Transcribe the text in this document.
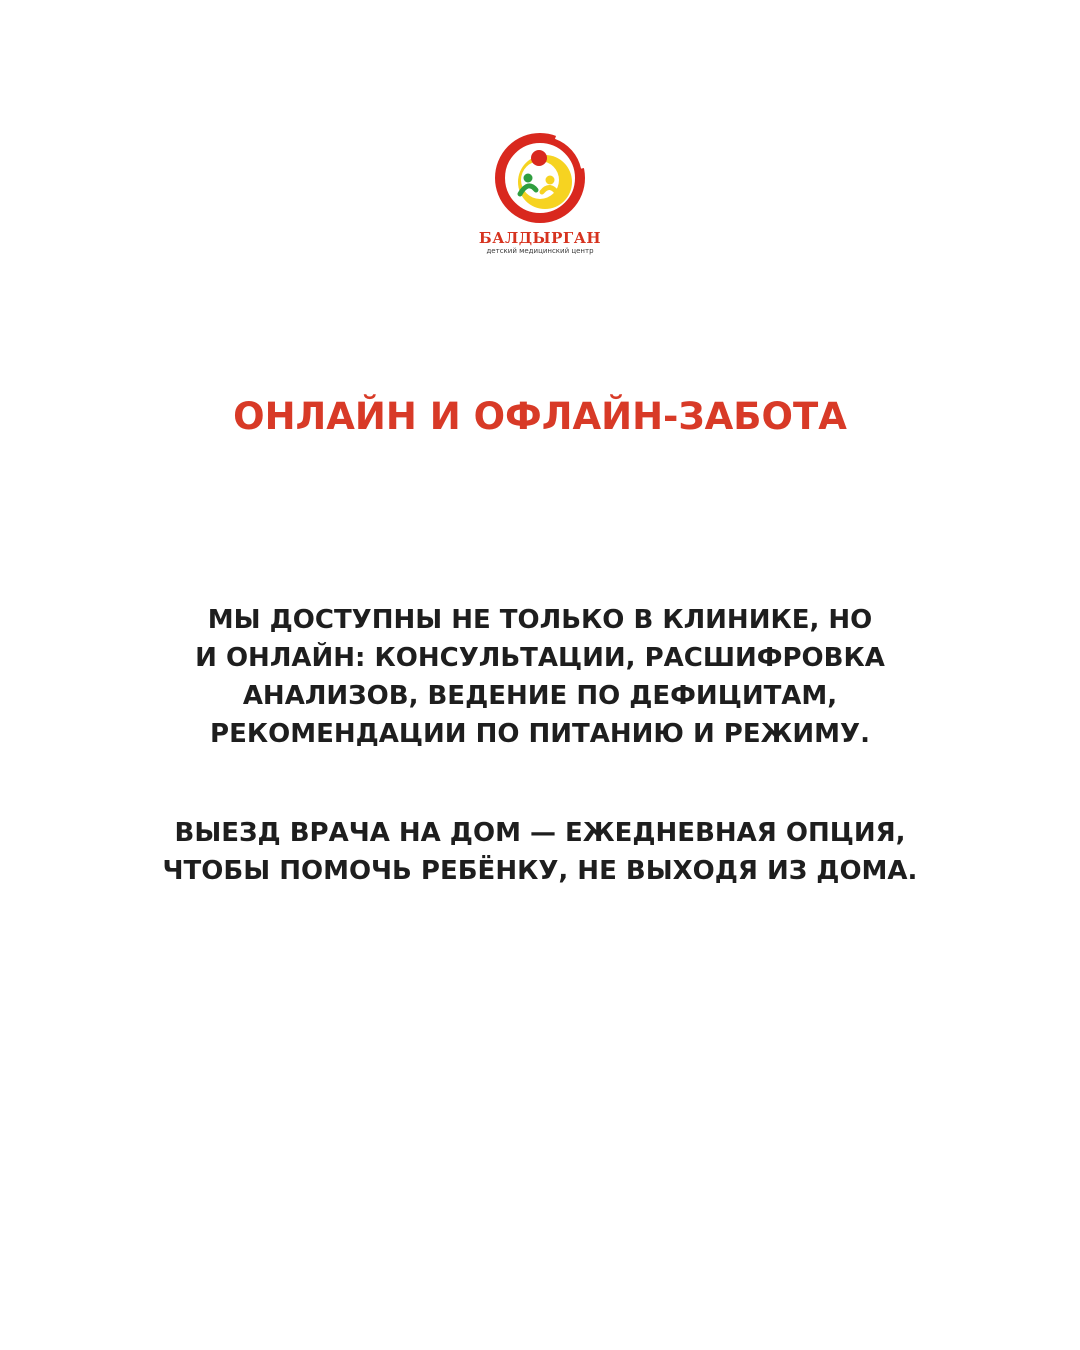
БАЛДЫРГАН
детский медицинский центр
ОНЛАЙН И ОФЛАЙН-ЗАБОТА

МЫ ДОСТУПНЫ НЕ ТОЛЬКО В КЛИНИКЕ, НО
И ОНЛАЙН: КОНСУЛЬТАЦИИ, РАСШИФРОВКА
АНАЛИЗОВ, ВЕДЕНИЕ ПО ДЕФИЦИТАМ,
РЕКОМЕНДАЦИИ ПО ПИТАНИЮ И РЕЖИМУ.

ВЫЕЗД ВРАЧА НА ДОМ — ЕЖЕДНЕВНАЯ ОПЦИЯ,
ЧТОБЫ ПОМОЧЬ РЕБЁНКУ, НЕ ВЫХОДЯ ИЗ ДОМА.
